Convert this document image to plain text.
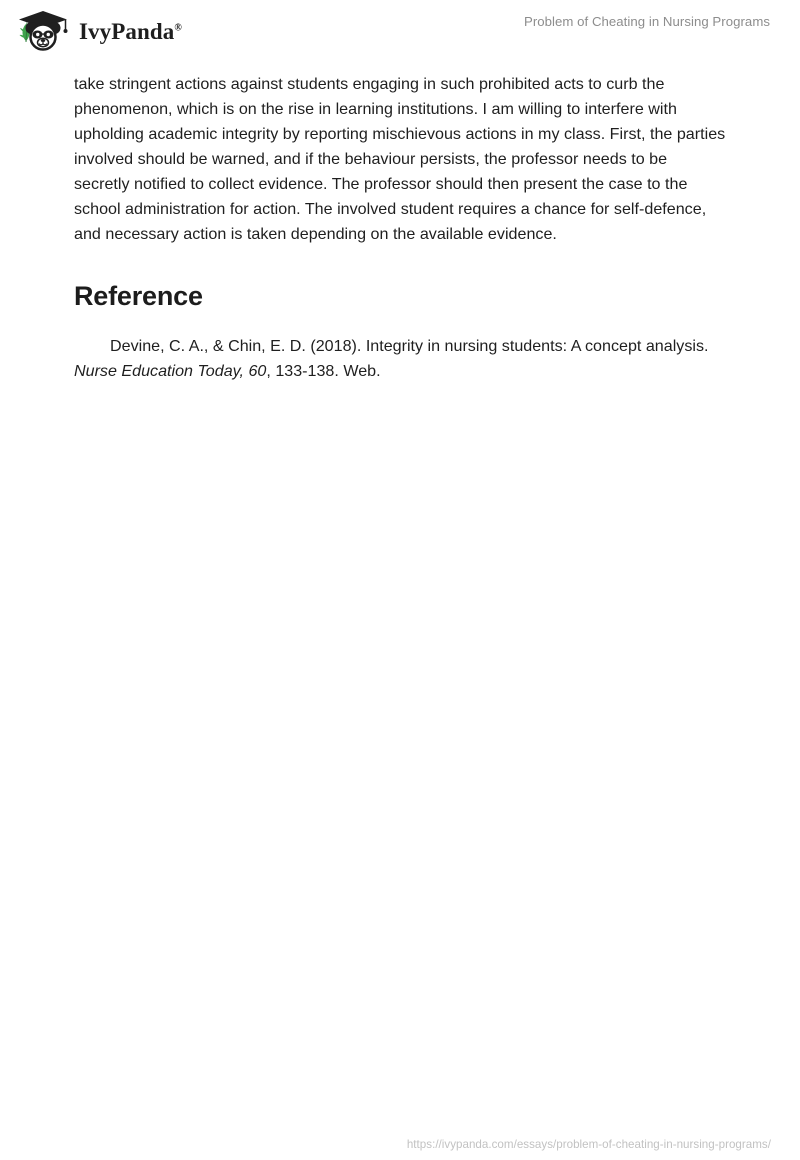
IvyPanda®	Problem of Cheating in Nursing Programs

take stringent actions against students engaging in such prohibited acts to curb the phenomenon, which is on the rise in learning institutions. I am willing to interfere with upholding academic integrity by reporting mischievous actions in my class. First, the parties involved should be warned, and if the behaviour persists, the professor needs to be secretly notified to collect evidence. The professor should then present the case to the school administration for action. The involved student requires a chance for self-defence, and necessary action is taken depending on the available evidence.

Reference

Devine, C. A., & Chin, E. D. (2018). Integrity in nursing students: A concept analysis. Nurse Education Today, 60, 133-138. Web.

https://ivypanda.com/essays/problem-of-cheating-in-nursing-programs/
